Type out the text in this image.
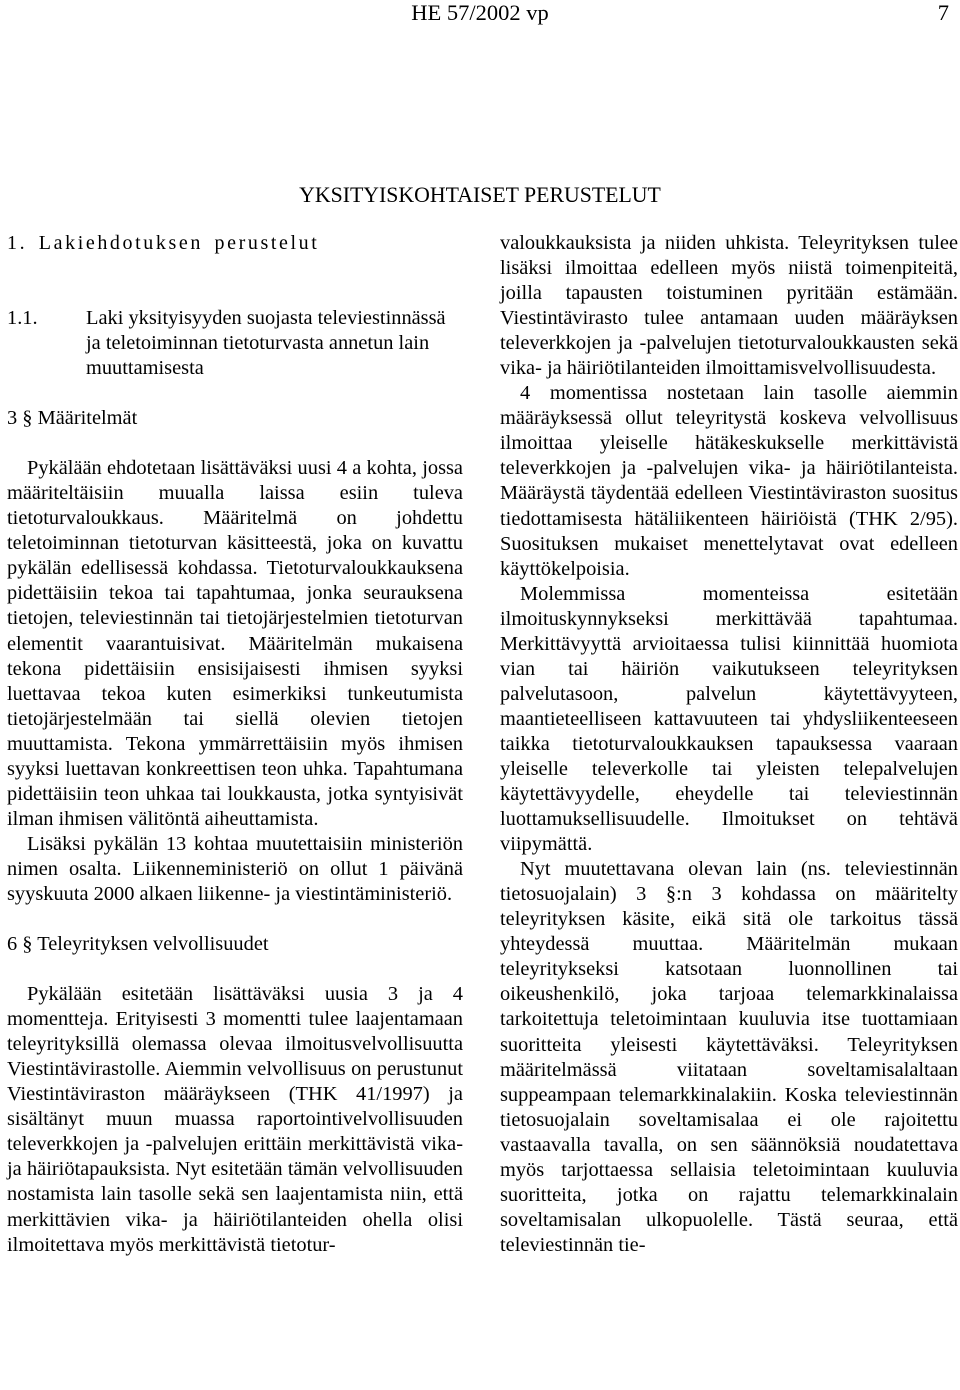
HE 57/2002 vp	7
YKSITYISKOHTAISET PERUSTELUT
1. Lakiehdotuksen perustelut
1.1.	Laki yksityisyyden suojasta televiestinnässä ja teletoiminnan tietoturvasta annetun lain muuttamisesta
3 § Määritelmät

Pykälään ehdotetaan lisättäväksi uusi 4 a kohta, jossa määriteltäisiin muualla laissa esiin tuleva tietoturvaloukkaus. Määritelmä on johdettu teletoiminnan tietoturvan käsitteestä, joka on kuvattu pykälän edellisessä kohdassa. Tietoturvaloukkauksena pidettäisiin tekoa tai tapahtumaa, jonka seurauksena tietojen, televiestinnän tai tietojärjestelmien tietoturvan elementit vaarantuisivat. Määritelmän mukaisena tekona pidettäisiin ensisijaisesti ihmisen syyksi luettavaa tekoa kuten esimerkiksi tunkeutumista tietojärjestelmään tai siellä olevien tietojen muuttamista. Tekona ymmärrettäisiin myös ihmisen syyksi luettavan konkreettisen teon uhka. Tapahtumana pidettäisiin teon uhkaa tai loukkausta, jotka syntyisivät ilman ihmisen välitöntä aiheuttamista.

Lisäksi pykälän 13 kohtaa muutettaisiin ministeriön nimen osalta. Liikenneministeriö on ollut 1 päivänä syyskuuta 2000 alkaen liikenne- ja viestintäministeriö.

6 § Teleyrityksen velvollisuudet

Pykälään esitetään lisättäväksi uusia 3 ja 4 momentteja. Erityisesti 3 momentti tulee laajentamaan teleyrityksillä olemassa olevaa ilmoitusvelvollisuutta Viestintävirastolle. Aiemmin velvollisuus on perustunut Viestintäviraston määräykseen (THK 41/1997) ja sisältänyt muun muassa raportointivelvollisuuden televerkkojen ja -palvelujen erittäin merkittävistä vika- ja häiriötapauksista. Nyt esitetään tämän velvollisuuden nostamista lain tasolle sekä sen laajentamista niin, että merkittävien vika- ja häiriötilanteiden ohella olisi ilmoitettava myös merkittävistä tietotur-

valoukkauksista ja niiden uhkista. Teleyrityksen tulee lisäksi ilmoittaa edelleen myös niistä toimenpiteitä, joilla tapausten toistuminen pyritään estämään. Viestintävirasto tulee antamaan uuden määräyksen televerkkojen ja -palvelujen tietoturvaloukkausten sekä vika- ja häiriötilanteiden ilmoittamisvelvollisuudesta.

4 momentissa nostetaan lain tasolle aiemmin määräyksessä ollut teleyritystä koskeva velvollisuus ilmoittaa yleiselle hätäkeskukselle merkittävistä televerkkojen ja -palvelujen vika- ja häiriötilanteista. Määräystä täydentää edelleen Viestintäviraston suositus tiedottamisesta hätäliikenteen häiriöistä (THK 2/95). Suosituksen mukaiset menettelytavat ovat edelleen käyttökelpoisia.

Molemmissa momenteissa esitetään ilmoituskynnykseksi merkittävää tapahtumaa. Merkittävyyttä arvioitaessa tulisi kiinnittää huomiota vian tai häiriön vaikutukseen teleyrityksen palvelutasoon, palvelun käytettävyyteen, maantieteelliseen kattavuuteen tai yhdysliikenteeseen taikka tietoturvaloukkauksen tapauksessa vaaraan yleiselle televerkolle tai yleisten telepalvelujen käytettävyydelle, eheydelle tai televiestinnän luottamuksellisuudelle. Ilmoitukset on tehtävä viipymättä.

Nyt muutettavana olevan lain (ns. televiestinnän tietosuojalain) 3 §:n 3 kohdassa on määritelty teleyrityksen käsite, eikä sitä ole tarkoitus tässä yhteydessä muuttaa. Määritelmän mukaan teleyritykseksi katsotaan luonnollinen tai oikeushenkilö, joka tarjoaa telemarkkinalaissa tarkoitettuja teletoimintaan kuuluvia itse tuottamiaan suoritteita yleisesti käytettäväksi. Teleyrityksen määritelmässä viitataan soveltamisalaltaan suppeampaan telemarkkinalakiin. Koska televiestinnän tietosuojalain soveltamisalaa ei ole rajoitettu vastaavalla tavalla, on sen säännöksiä noudatettava myös tarjottaessa sellaisia teletoimintaan kuuluvia suoritteita, jotka on rajattu telemarkkinalain soveltamisalan ulkopuolelle. Tästä seuraa, että televiestinnän tie-
